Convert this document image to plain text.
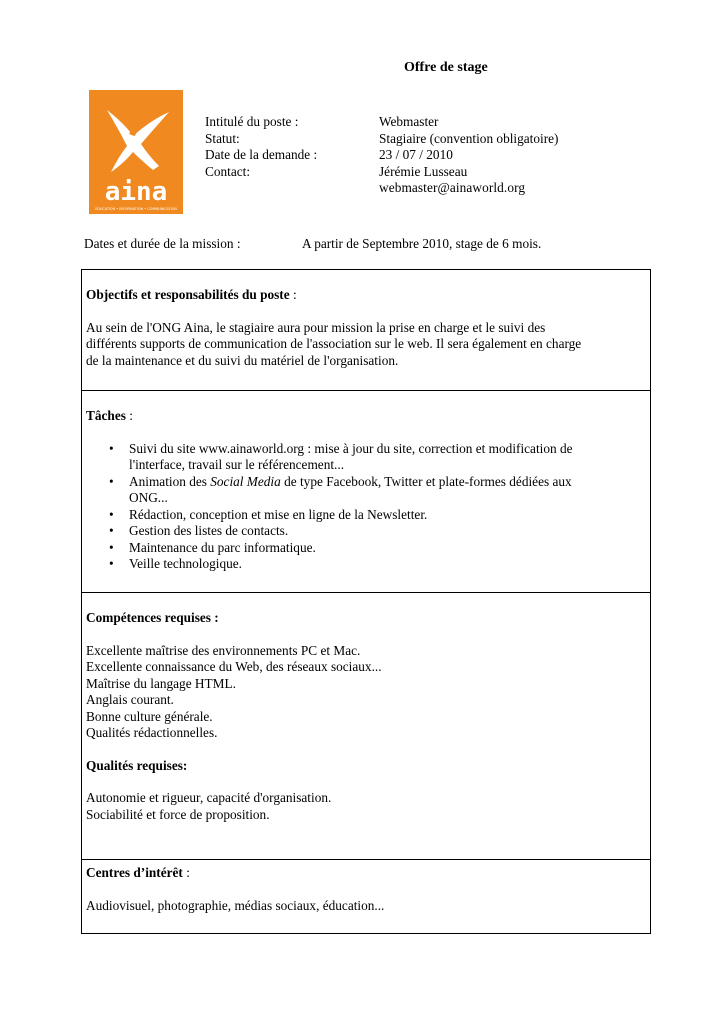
Offre de stage
aina
EDUCATION • INFORMATION • COMMUNICATION
Intitulé du poste :	Webmaster
Statut:	Stagiaire (convention obligatoire)
Date de la demande :	23 / 07 / 2010
Contact:	Jérémie Lusseau
webmaster@ainaworld.org
Dates et durée de la mission :	A partir de Septembre 2010, stage de 6 mois.
Objectifs et responsabilités du poste :
Au sein de l'ONG Aina, le stagiaire aura pour mission la prise en charge et le suivi des
différents supports de communication de l'association sur le web. Il sera également en charge
de la maintenance et du suivi du matériel de l'organisation.
Tâches :
• Suivi du site www.ainaworld.org : mise à jour du site, correction et modification de
l'interface, travail sur le référencement...
• Animation des Social Media de type Facebook, Twitter et plate-formes dédiées aux
ONG...
• Rédaction, conception et mise en ligne de la Newsletter.
• Gestion des listes de contacts.
• Maintenance du parc informatique.
• Veille technologique.
Compétences requises :
Excellente maîtrise des environnements PC et Mac.
Excellente connaissance du Web, des réseaux sociaux...
Maîtrise du langage HTML.
Anglais courant.
Bonne culture générale.
Qualités rédactionnelles.
Qualités requises:
Autonomie et rigueur, capacité d'organisation.
Sociabilité et force de proposition.
Centres d’intérêt :
Audiovisuel, photographie, médias sociaux, éducation...
